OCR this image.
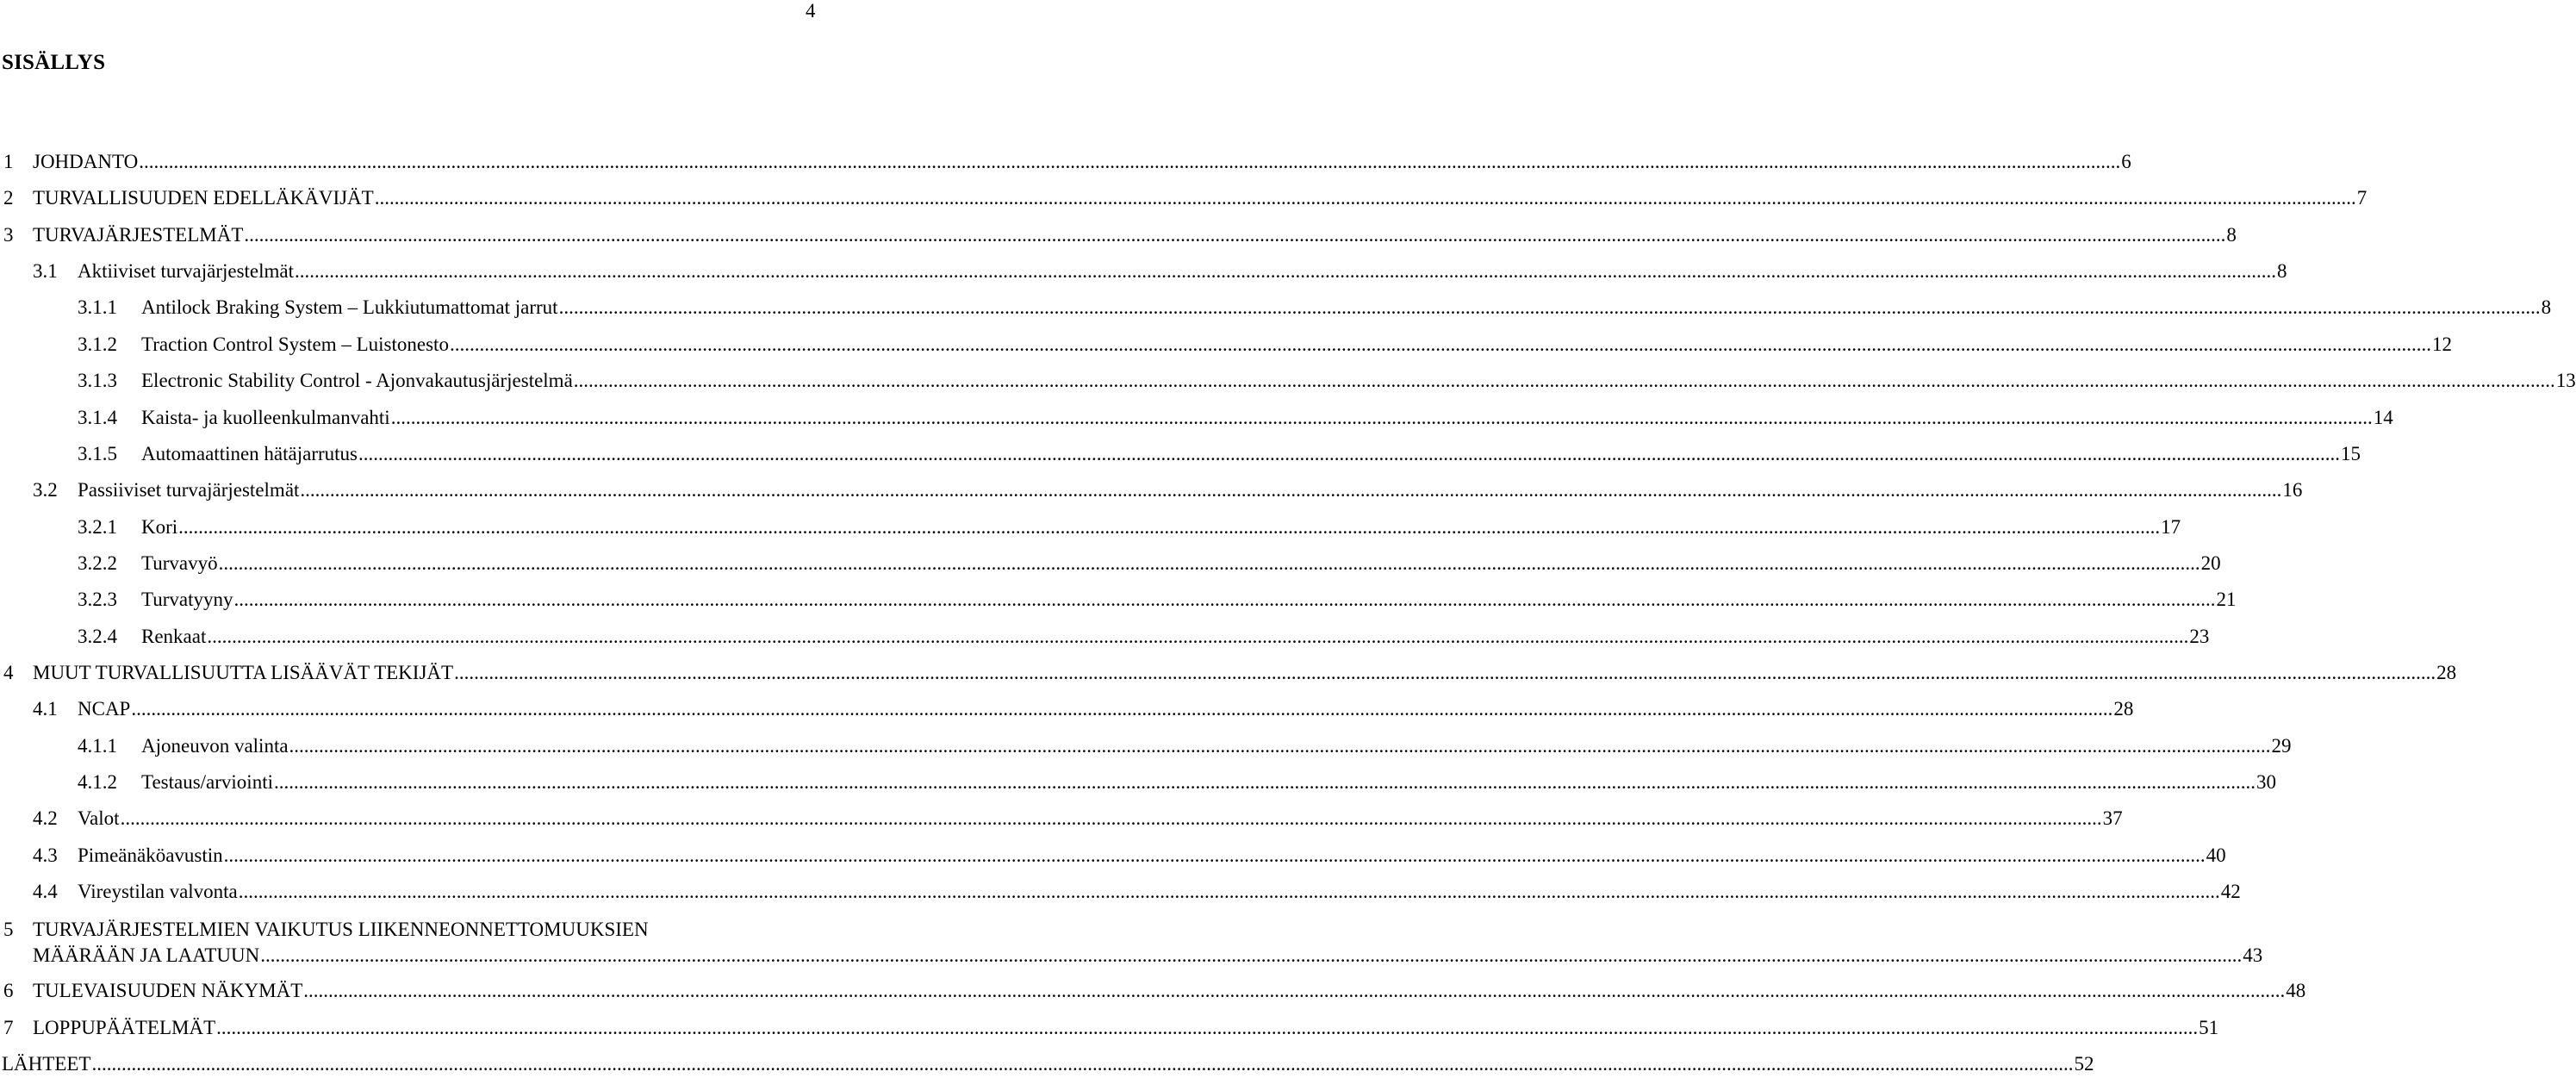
4
SISÄLLYS
1 JOHDANTO ................................................................................................................................................................................................................................................................................................................................................................................................................ 6
2 TURVALLISUUDEN EDELLÄKÄVIJÄT ................................................................................................................................................................................................................................................................................................................................................................................................................ 7
3 TURVAJÄRJESTELMÄT ................................................................................................................................................................................................................................................................................................................................................................................................................ 8
3.1 Aktiiviset turvajärjestelmät ................................................................................................................................................................................................................................................................................................................................................................................................................ 8
3.1.1 Antilock Braking System – Lukkiutumattomat jarrut ................................................................................................................................................................................................................................................................................................................................................................................................................ 8
3.1.2 Traction Control System – Luistonesto ................................................................................................................................................................................................................................................................................................................................................................................................................ 12
3.1.3 Electronic Stability Control - Ajonvakautusjärjestelmä ................................................................................................................................................................................................................................................................................................................................................................................................................ 13
3.1.4 Kaista- ja kuolleenkulmanvahti ................................................................................................................................................................................................................................................................................................................................................................................................................ 14
3.1.5 Automaattinen hätäjarrutus ................................................................................................................................................................................................................................................................................................................................................................................................................ 15
3.2 Passiiviset turvajärjestelmät ................................................................................................................................................................................................................................................................................................................................................................................................................ 16
3.2.1 Kori ................................................................................................................................................................................................................................................................................................................................................................................................................ 17
3.2.2 Turvavyö ................................................................................................................................................................................................................................................................................................................................................................................................................ 20
3.2.3 Turvatyyny ................................................................................................................................................................................................................................................................................................................................................................................................................ 21
3.2.4 Renkaat ................................................................................................................................................................................................................................................................................................................................................................................................................ 23
4 MUUT TURVALLISUUTTA LISÄÄVÄT TEKIJÄT ................................................................................................................................................................................................................................................................................................................................................................................................................ 28
4.1 NCAP ................................................................................................................................................................................................................................................................................................................................................................................................................ 28
4.1.1 Ajoneuvon valinta ................................................................................................................................................................................................................................................................................................................................................................................................................ 29
4.1.2 Testaus/arviointi ................................................................................................................................................................................................................................................................................................................................................................................................................ 30
4.2 Valot ................................................................................................................................................................................................................................................................................................................................................................................................................ 37
4.3 Pimeänäköavustin ................................................................................................................................................................................................................................................................................................................................................................................................................ 40
4.4 Vireystilan valvonta ................................................................................................................................................................................................................................................................................................................................................................................................................ 42
TURVAJÄRJESTELMIEN VAIKUTUS LIIKENNEONNETTOMUUKSIEN
5
MÄÄRÄÄN JA LAATUUN ................................................................................................................................................................................................................................................................................................................................................................................................................ 43
6 TULEVAISUUDEN NÄKYMÄT ................................................................................................................................................................................................................................................................................................................................................................................................................ 48
7 LOPPUPÄÄTELMÄT ................................................................................................................................................................................................................................................................................................................................................................................................................ 51
LÄHTEET ................................................................................................................................................................................................................................................................................................................................................................................................................ 52
